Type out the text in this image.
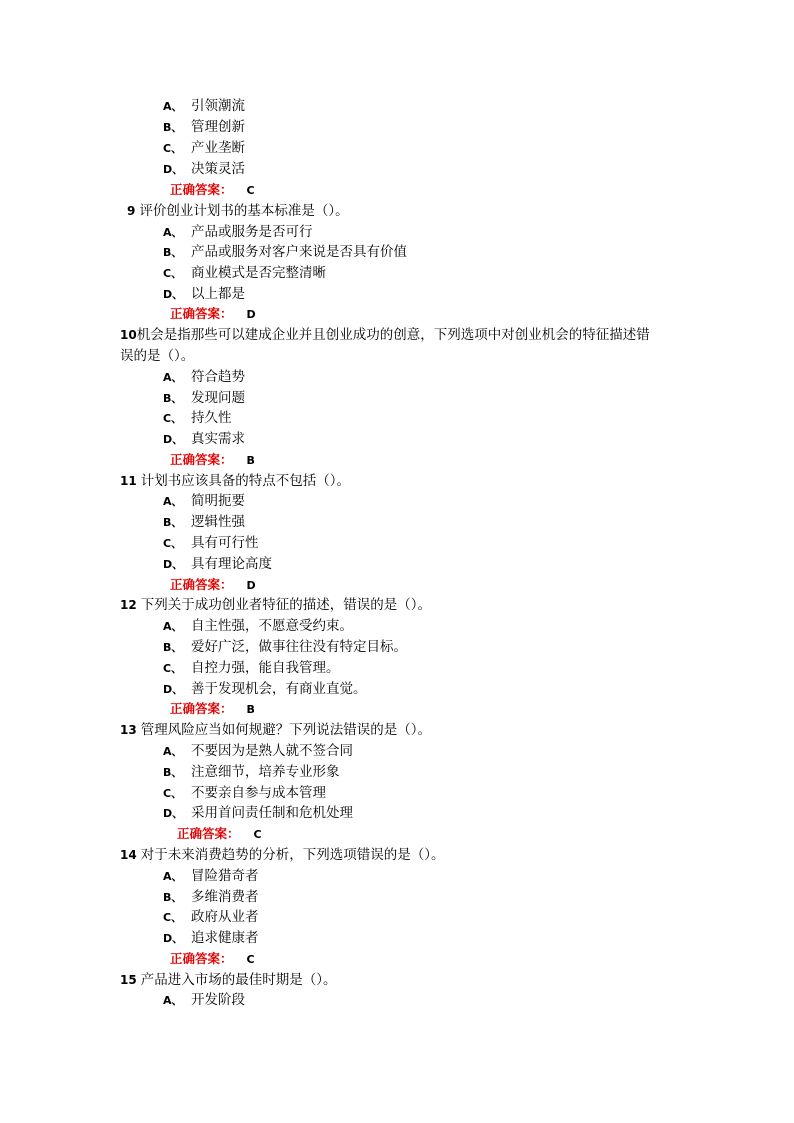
A、 引领潮流
B、 管理创新
C、 产业垄断
D、 决策灵活
正确答案： C
9 评价创业计划书的基本标准是（）。
A、 产品或服务是否可行
B、 产品或服务对客户来说是否具有价值
C、 商业模式是否完整清晰
D、 以上都是
正确答案： D
10机会是指那些可以建成企业并且创业成功的创意，下列选项中对创业机会的特征描述错
误的是（）。
A、 符合趋势
B、 发现问题
C、 持久性
D、 真实需求
正确答案： B
11 计划书应该具备的特点不包括（）。
A、 简明扼要
B、 逻辑性强
C、 具有可行性
D、 具有理论高度
正确答案： D
12 下列关于成功创业者特征的描述，错误的是（）。
A、 自主性强，不愿意受约束。
B、 爱好广泛，做事往往没有特定目标。
C、 自控力强，能自我管理。
D、 善于发现机会，有商业直觉。
正确答案： B
13 管理风险应当如何规避？下列说法错误的是（）。
A、 不要因为是熟人就不签合同
B、 注意细节，培养专业形象
C、 不要亲自参与成本管理
D、 采用首问责任制和危机处理
正确答案： C
14 对于未来消费趋势的分析，下列选项错误的是（）。
A、 冒险猎奇者
B、 多维消费者
C、 政府从业者
D、 追求健康者
正确答案： C
15 产品进入市场的最佳时期是（）。
A、 开发阶段
